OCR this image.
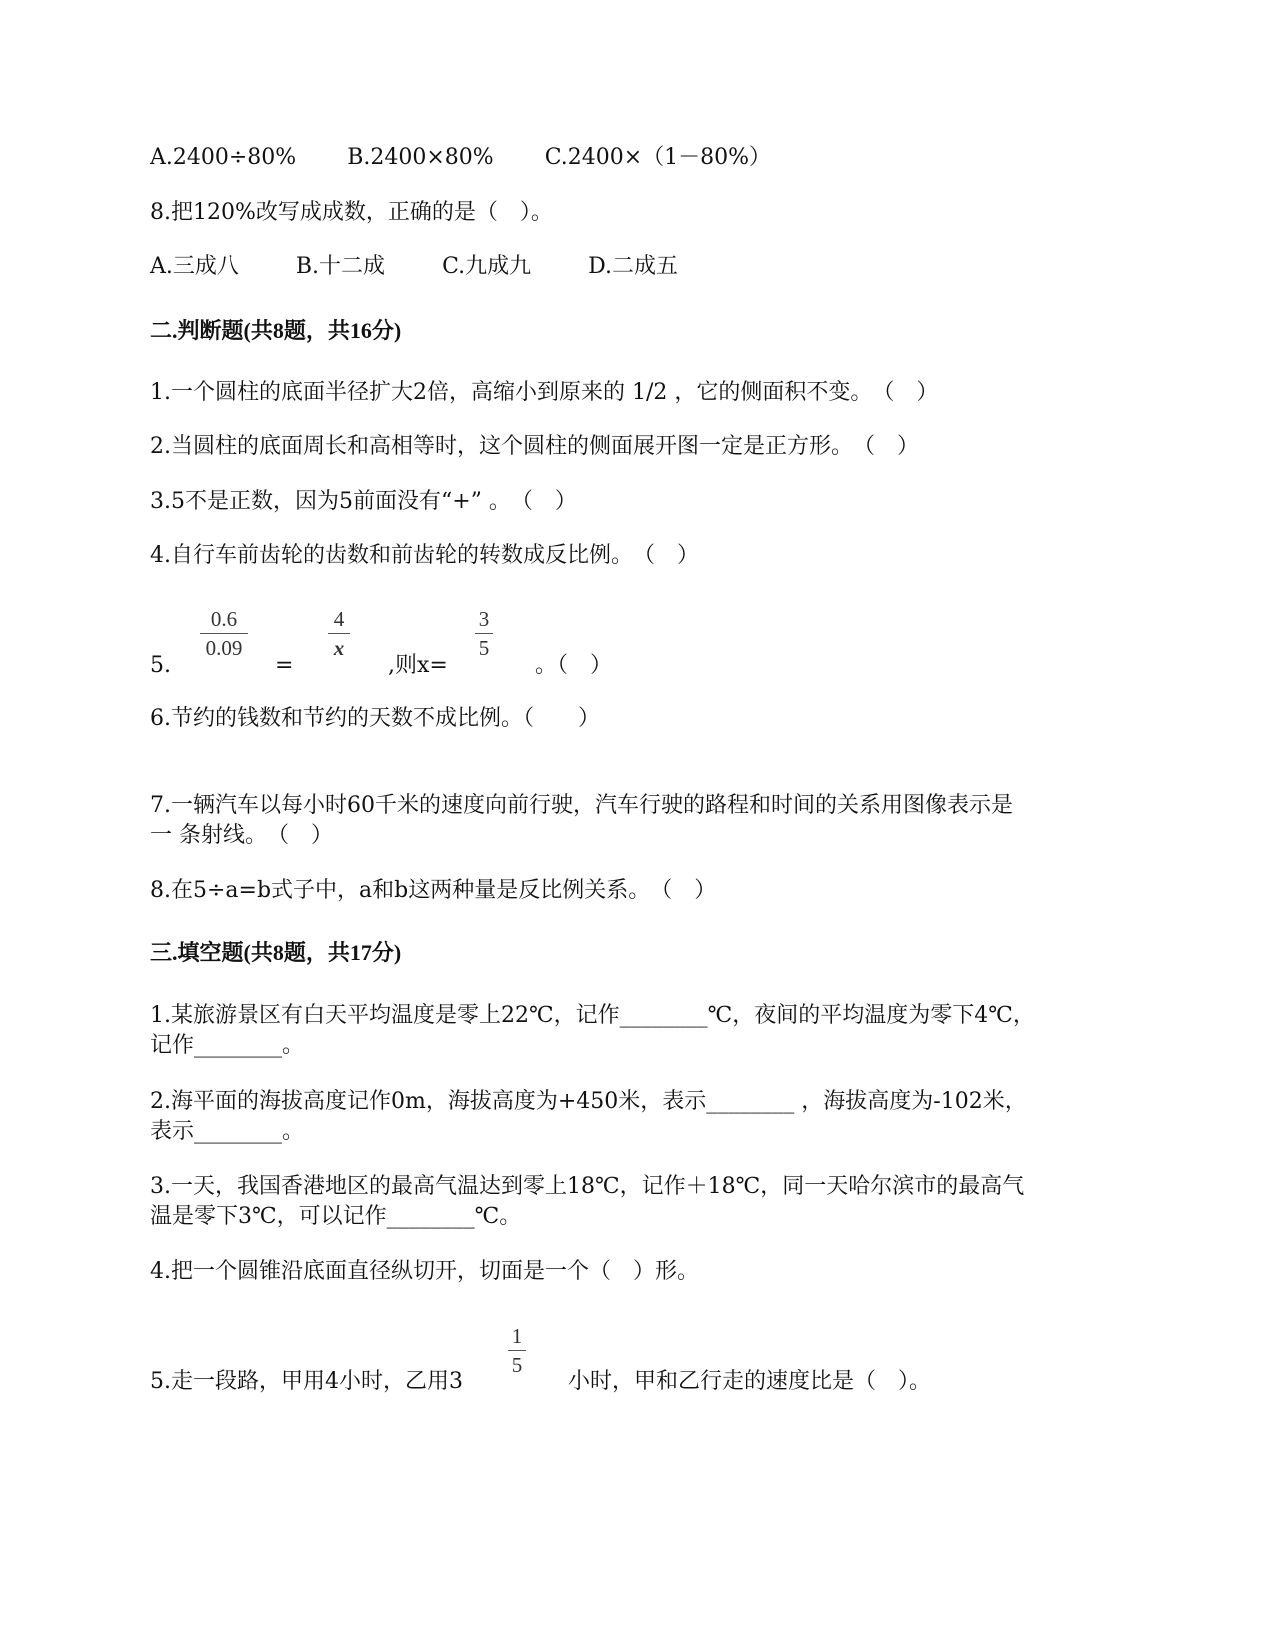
A.2400÷80% B.2400×80% C.2400×（1－80%）
8.把120%改写成成数，正确的是（　）。
A.三成八	B.十二成	C.九成九	D.二成五
二.判断题(共8题，共16分)
1.一个圆柱的底面半径扩大2倍，高缩小到原来的 1/2 ，它的侧面积不变。　（　）
2.当圆柱的底面周长和高相等时，这个圆柱的侧面展开图一定是正方形。　（　）
3.5不是正数，因为5前面没有“+” 。　（　）
4.自行车前齿轮的齿数和前齿轮的转数成反比例。　（　）
5.
0.6
0.09
=
4
x
,则x=
3
5
。（　）
6.节约的钱数和节约的天数不成比例。（　　）
7.一辆汽车以每小时60千米的速度向前行驶，汽车行驶的路程和时间的关系用图像表示是
一 条射线。　（　）
8.在5÷a=b式子中，a和b这两种量是反比例关系。　（　）
三.填空题(共8题，共17分)
1.某旅游景区有白天平均温度是零上22℃，记作________℃，夜间的平均温度为零下4℃，
记作________。
2.海平面的海拔高度记作0m，海拔高度为+450米，表示________ ，海拔高度为-102米，
表示________。
3.一天，我国香港地区的最高气温达到零上18℃，记作＋18℃，同一天哈尔滨市的最高气
温是零下3℃，可以记作________℃。
4.把一个圆锥沿底面直径纵切开，切面是一个（　）形。
5.走一段路，甲用4小时，乙用3
1
5
小时，甲和乙行走的速度比是（　）。
